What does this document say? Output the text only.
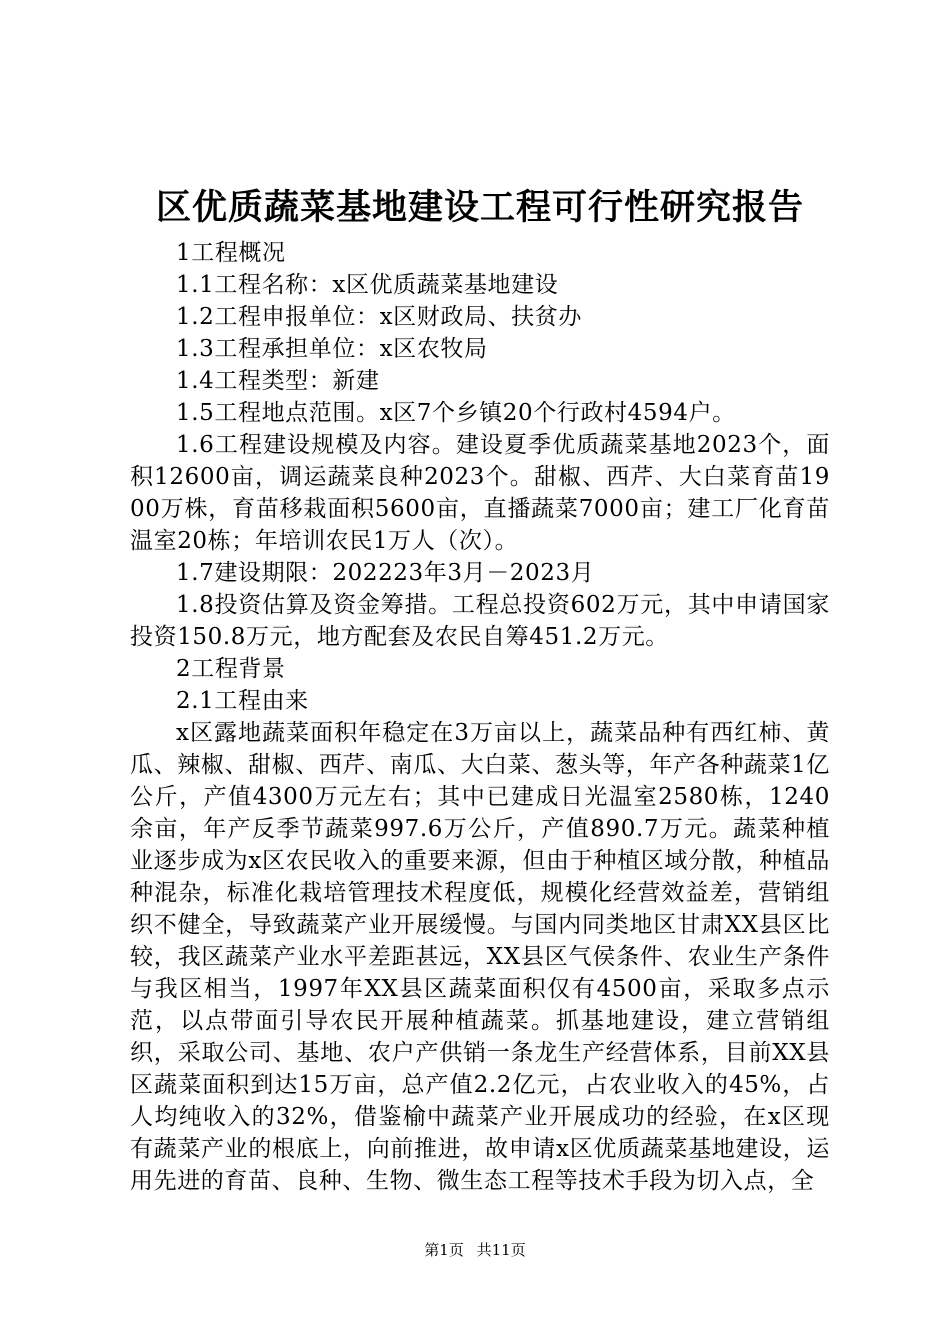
区优质蔬菜基地建设工程可行性研究报告

1工程概况

1.1工程名称：x区优质蔬菜基地建设

1.2工程申报单位：x区财政局、扶贫办

1.3工程承担单位：x区农牧局

1.4工程类型：新建

1.5工程地点范围。x区7个乡镇20个行政村4594户。

1.6工程建设规模及内容。建设夏季优质蔬菜基地2023个，面积12600亩，调运蔬菜良种2023个。甜椒、西芹、大白菜育苗1900万株，育苗移栽面积5600亩，直播蔬菜7000亩；建工厂化育苗温室20栋；年培训农民1万人（次）。

1.7建设期限：202223年3月－2023月

1.8投资估算及资金筹措。工程总投资602万元，其中申请国家投资150.8万元，地方配套及农民自筹451.2万元。

2工程背景

2.1工程由来

x区露地蔬菜面积年稳定在3万亩以上，蔬菜品种有西红柿、黄瓜、辣椒、甜椒、西芹、南瓜、大白菜、葱头等，年产各种蔬菜1亿公斤，产值4300万元左右；其中已建成日光温室2580栋，1240余亩，年产反季节蔬菜997.6万公斤，产值890.7万元。蔬菜种植业逐步成为x区农民收入的重要来源，但由于种植区域分散，种植品种混杂，标准化栽培管理技术程度低，规模化经营效益差，营销组织不健全，导致蔬菜产业开展缓慢。与国内同类地区甘肃XX县区比较，我区蔬菜产业水平差距甚远，XX县区气侯条件、农业生产条件与我区相当，1997年XX县区蔬菜面积仅有4500亩，采取多点示范，以点带面引导农民开展种植蔬菜。抓基地建设，建立营销组织，采取公司、基地、农户产供销一条龙生产经营体系，目前XX县区蔬菜面积到达15万亩，总产值2.2亿元，占农业收入的45%，占人均纯收入的32%，借鉴榆中蔬菜产业开展成功的经验，在x区现有蔬菜产业的根底上，向前推进，故申请x区优质蔬菜基地建设，运用先进的育苗、良种、生物、微生态工程等技术手段为切入点，全

第1页 共11页
